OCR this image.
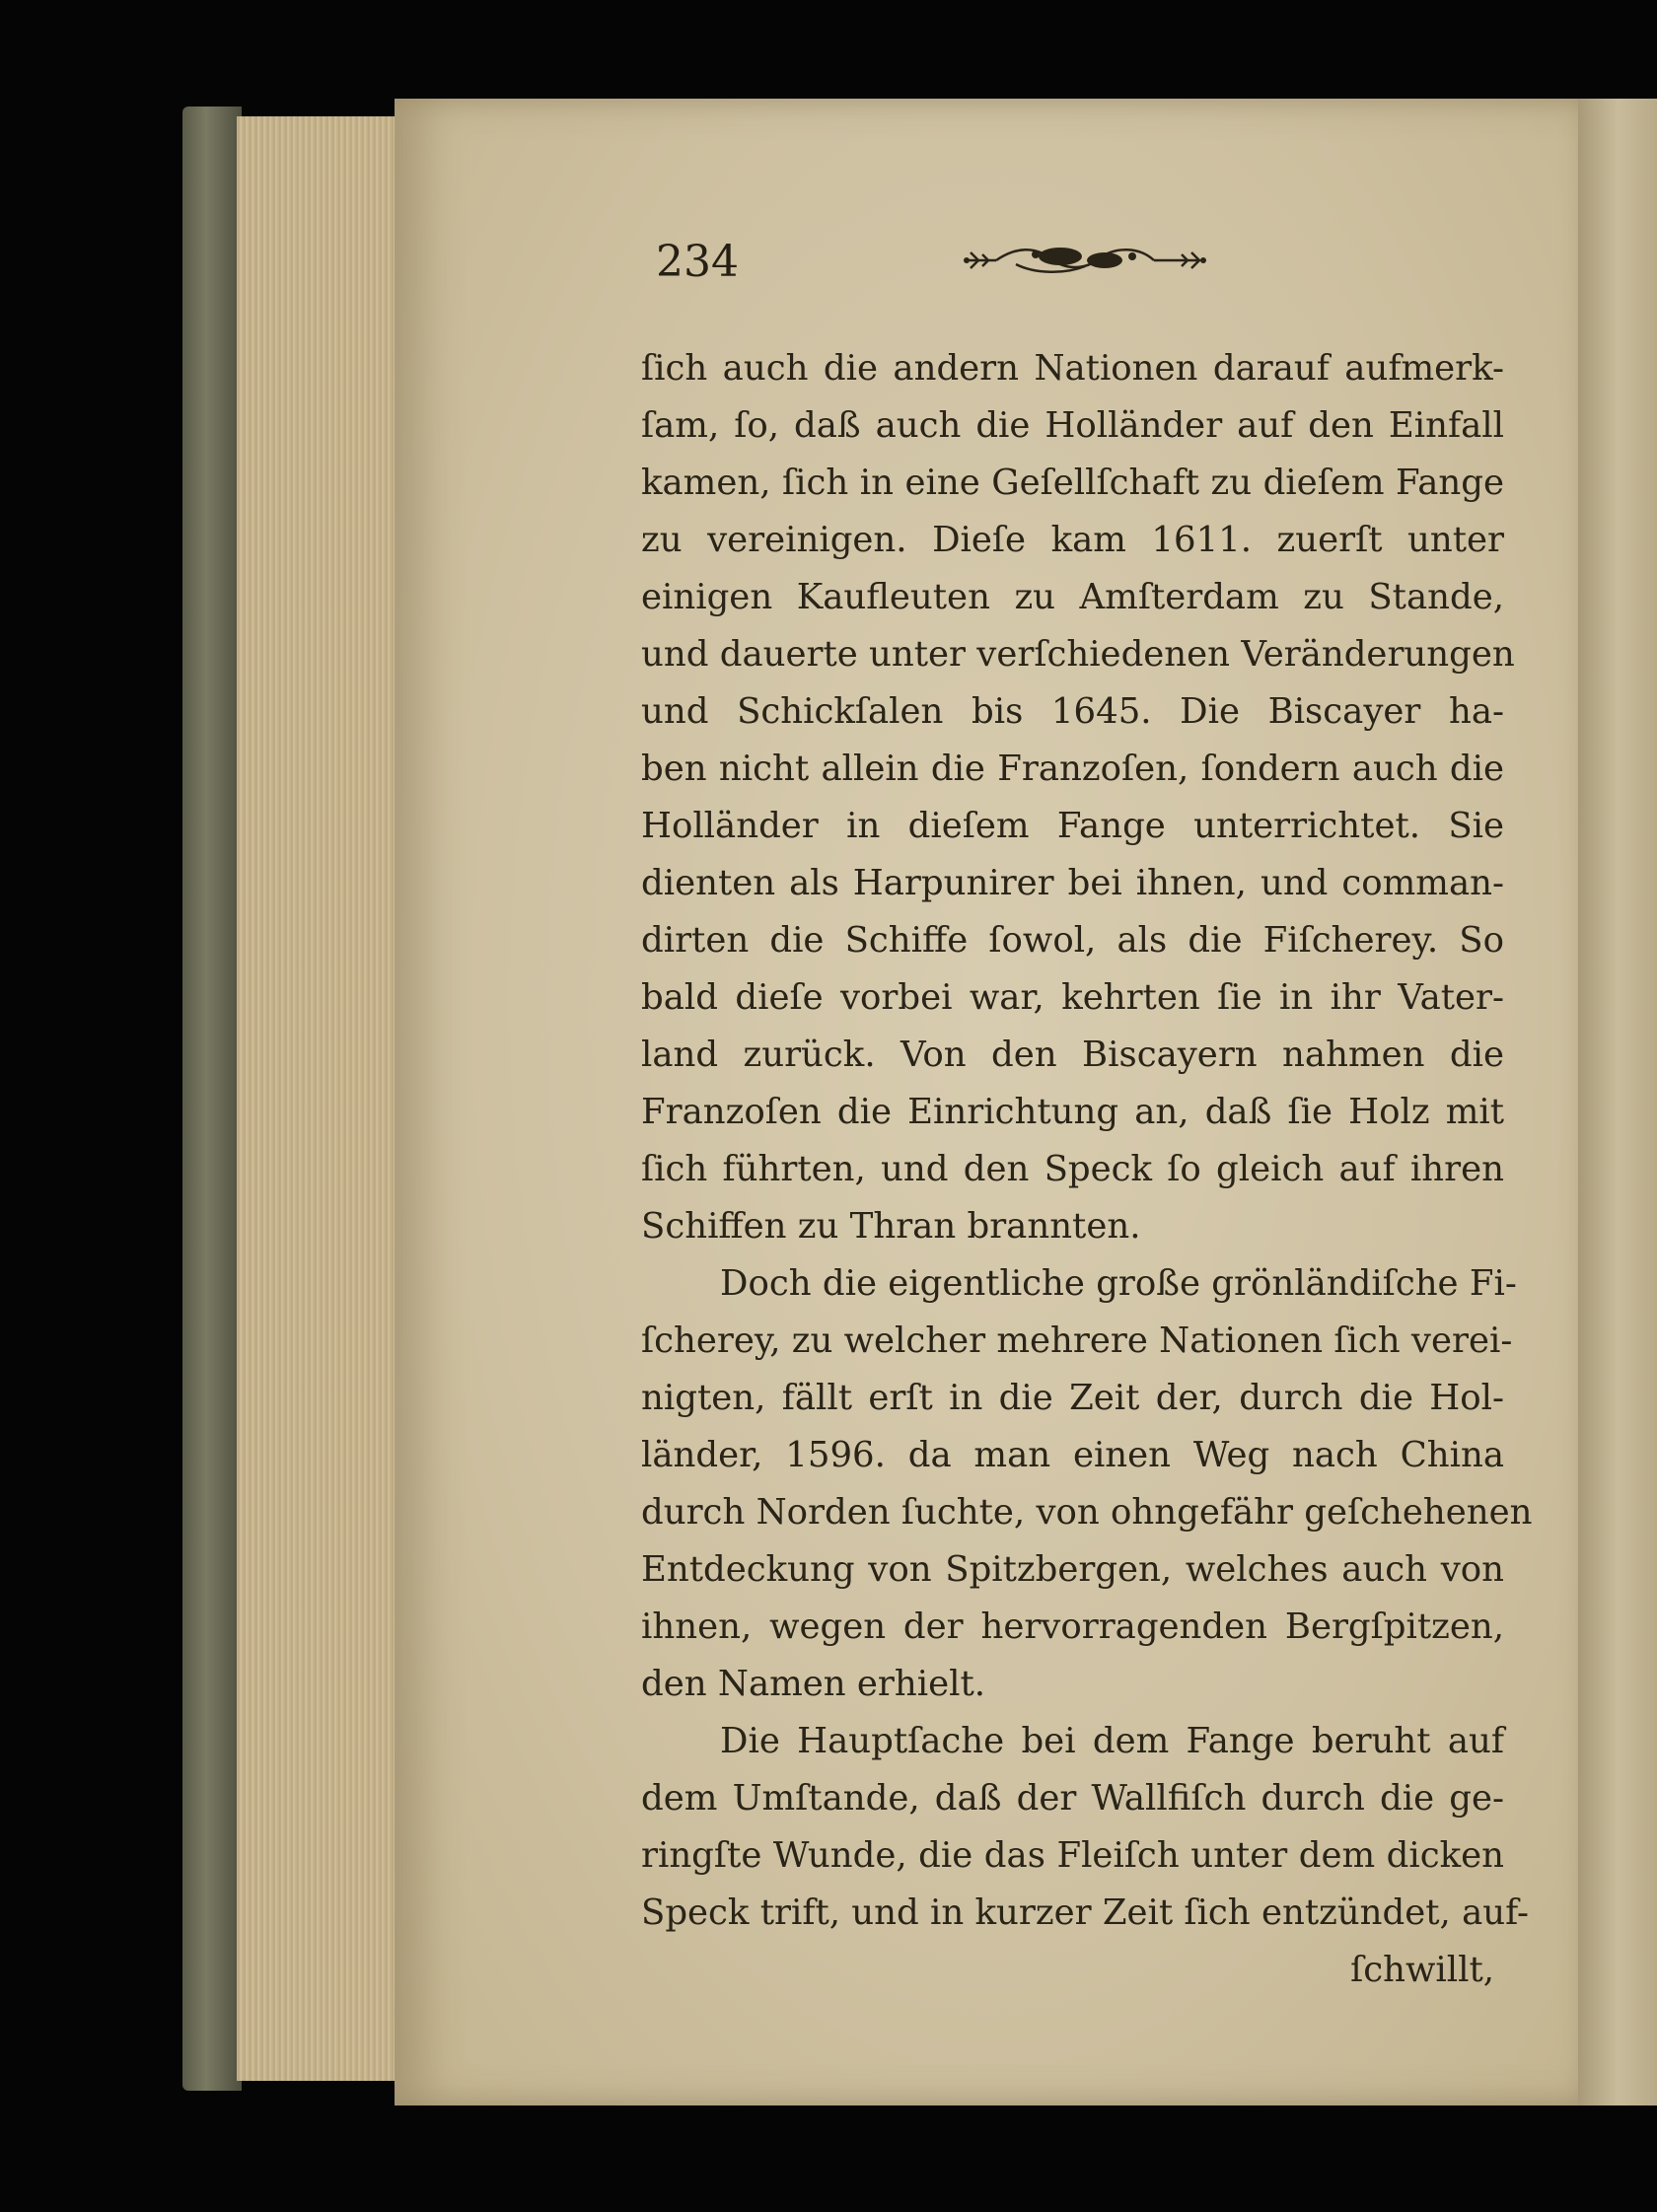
234
ſich auch die andern Nationen darauf aufmerk-
ſam, ſo, daß auch die Holländer auf den Einfall
kamen, ſich in eine Geſellſchaft zu dieſem Fange
zu vereinigen. Dieſe kam 1611. zuerſt unter
einigen Kaufleuten zu Amſterdam zu Stande,
und dauerte unter verſchiedenen Veränderungen
und Schickſalen bis 1645. Die Biscayer ha-
ben nicht allein die Franzoſen, ſondern auch die
Holländer in dieſem Fange unterrichtet. Sie
dienten als Harpunirer bei ihnen, und comman-
dirten die Schiffe ſowol, als die Fiſcherey. So
bald dieſe vorbei war, kehrten ſie in ihr Vater-
land zurück. Von den Biscayern nahmen die
Franzoſen die Einrichtung an, daß ſie Holz mit
ſich führten, und den Speck ſo gleich auf ihren
Schiffen zu Thran brannten.
Doch die eigentliche große grönländiſche Fi-
ſcherey, zu welcher mehrere Nationen ſich verei-
nigten, fällt erſt in die Zeit der, durch die Hol-
länder, 1596. da man einen Weg nach China
durch Norden ſuchte, von ohngefähr geſchehenen
Entdeckung von Spitzbergen, welches auch von
ihnen, wegen der hervorragenden Bergſpitzen,
den Namen erhielt.
Die Hauptſache bei dem Fange beruht auf
dem Umſtande, daß der Wallfiſch durch die ge-
ringſte Wunde, die das Fleiſch unter dem dicken
Speck trift, und in kurzer Zeit ſich entzündet, auf-
ſchwillt,
